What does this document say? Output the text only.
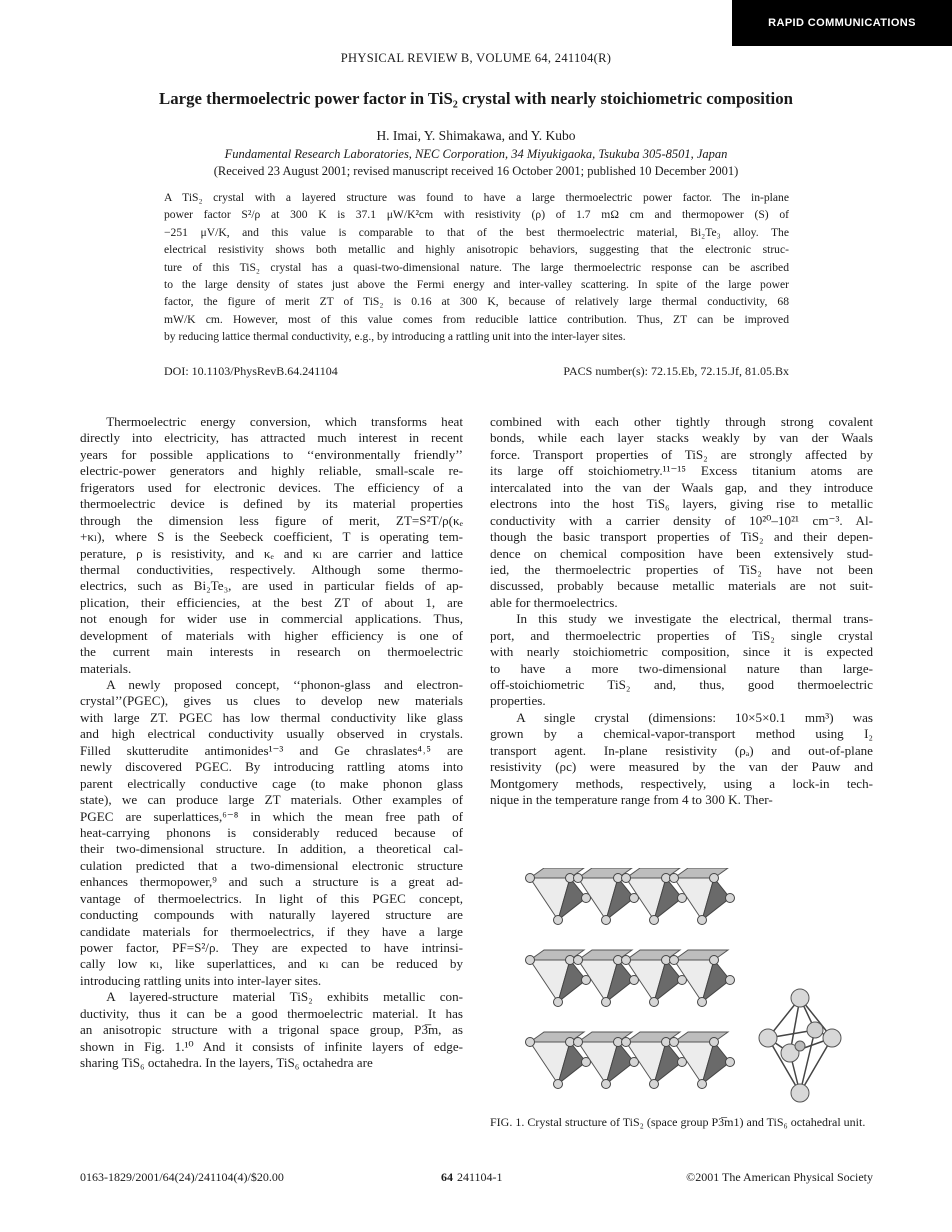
RAPID COMMUNICATIONS
PHYSICAL REVIEW B, VOLUME 64, 241104(R)
Large thermoelectric power factor in TiS₂ crystal with nearly stoichiometric composition
H. Imai, Y. Shimakawa, and Y. Kubo
Fundamental Research Laboratories, NEC Corporation, 34 Miyukigaoka, Tsukuba 305-8501, Japan
(Received 23 August 2001; revised manuscript received 16 October 2001; published 10 December 2001)
A TiS₂ crystal with a layered structure was found to have a large thermoelectric power factor. The in-plane
power factor S²/ρ at 300 K is 37.1 μW/K²cm with resistivity (ρ) of 1.7 mΩ cm and thermopower (S) of
−251 μV/K, and this value is comparable to that of the best thermoelectric material, Bi₂Te₃ alloy. The
electrical resistivity shows both metallic and highly anisotropic behaviors, suggesting that the electronic struc-
ture of this TiS₂ crystal has a quasi-two-dimensional nature. The large thermoelectric response can be ascribed
to the large density of states just above the Fermi energy and inter-valley scattering. In spite of the large power
factor, the figure of merit ZT of TiS₂ is 0.16 at 300 K, because of relatively large thermal conductivity, 68
mW/K cm. However, most of this value comes from reducible lattice contribution. Thus, ZT can be improved
by reducing lattice thermal conductivity, e.g., by introducing a rattling unit into the inter-layer sites.
DOI: 10.1103/PhysRevB.64.241104	PACS number(s): 72.15.Eb, 72.15.Jf, 81.05.Bx
  Thermoelectric energy conversion, which transforms heat
directly into electricity, has attracted much interest in recent
years for possible applications to ‘‘environmentally friendly’’
electric-power generators and highly reliable, small-scale re-
frigerators used for electronic devices. The efficiency of a
thermoelectric device is defined by its material properties
through the dimension less figure of merit, ZT=S²T/ρ(κₑ
+κₗ), where S is the Seebeck coefficient, T is operating tem-
perature, ρ is resistivity, and κₑ and κₗ are carrier and lattice
thermal conductivities, respectively. Although some thermo-
electrics, such as Bi₂Te₃, are used in particular fields of ap-
plication, their efficiencies, at the best ZT of about 1, are
not enough for wider use in commercial applications. Thus,
development of materials with higher efficiency is one of
the current main interests in research on thermoelectric
materials.
  A newly proposed concept, ‘‘phonon-glass and electron-
crystal’’(PGEC), gives us clues to develop new materials
with large ZT. PGEC has low thermal conductivity like glass
and high electrical conductivity usually observed in crystals.
Filled skutterudite antimonides¹⁻³ and Ge chraslates⁴˒⁵ are
newly discovered PGEC. By introducing rattling atoms into
parent electrically conductive cage (to make phonon glass
state), we can produce large ZT materials. Other examples of
PGEC are superlattices,⁶⁻⁸ in which the mean free path of
heat-carrying phonons is considerably reduced because of
their two-dimensional structure. In addition, a theoretical cal-
culation predicted that a two-dimensional electronic structure
enhances thermopower,⁹ and such a structure is a great ad-
vantage of thermoelectrics. In light of this PGEC concept,
conducting compounds with naturally layered structure are
candidate materials for thermoelectrics, if they have a large
power factor, PF=S²/ρ. They are expected to have intrinsi-
cally low κₗ, like superlattices, and κₗ can be reduced by
introducing rattling units into inter-layer sites.
  A layered-structure material TiS₂ exhibits metallic con-
ductivity, thus it can be a good thermoelectric material. It has
an anisotropic structure with a trigonal space group, P3̅m, as
shown in Fig. 1.¹⁰ And it consists of infinite layers of edge-
sharing TiS₆ octahedra. In the layers, TiS₆ octahedra are
combined with each other tightly through strong covalent
bonds, while each layer stacks weakly by van der Waals
force. Transport properties of TiS₂ are strongly affected by
its large off stoichiometry.¹¹⁻¹⁵ Excess titanium atoms are
intercalated into the van der Waals gap, and they introduce
electrons into the host TiS₆ layers, giving rise to metallic
conductivity with a carrier density of 10²⁰–10²¹ cm⁻³. Al-
though the basic transport properties of TiS₂ and their depen-
dence on chemical composition have been extensively stud-
ied, the thermoelectric properties of TiS₂ have not been
discussed, probably because metallic materials are not suit-
able for thermoelectrics.
  In this study we investigate the electrical, thermal trans-
port, and thermoelectric properties of TiS₂ single crystal
with nearly stoichiometric composition, since it is expected
to have a more two-dimensional nature than large-
off-stoichiometric TiS₂ and, thus, good thermoelectric
properties.
  A single crystal (dimensions: 10×5×0.1 mm³) was
grown by a chemical-vapor-transport method using I₂
transport agent. In-plane resistivity (ρₐ) and out-of-plane
resistivity (ρc) were measured by the van der Pauw and
Montgomery methods, respectively, using a lock-in tech-
nique in the temperature range from 4 to 300 K. Ther-
FIG. 1. Crystal structure of TiS₂ (space group P3̅m1) and TiS₆ octahedral unit.
0163-1829/2001/64(24)/241104(4)/$20.00	64 241104-1	©2001 The American Physical Society
